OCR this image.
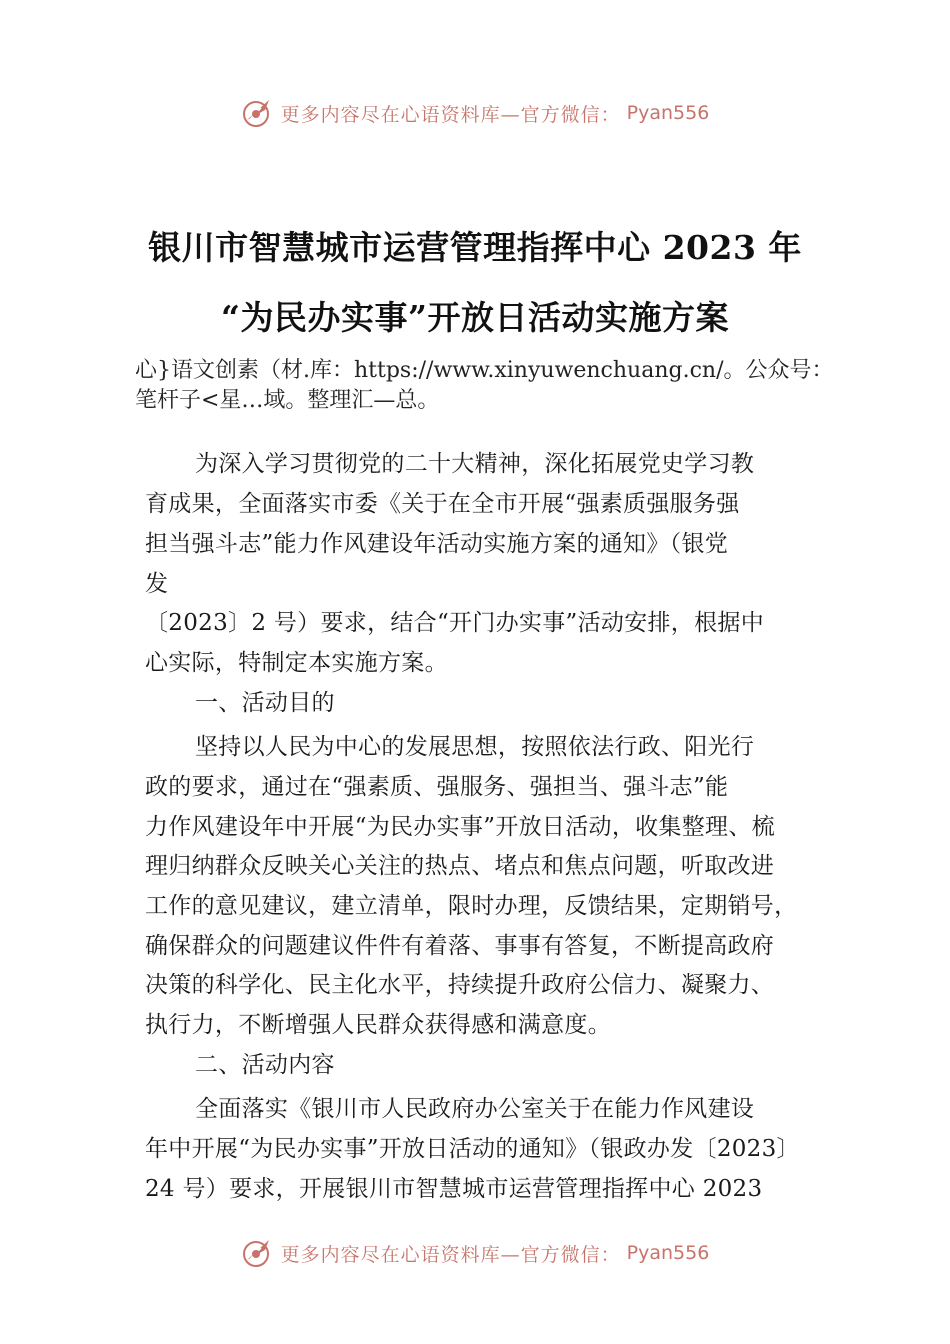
更多内容尽在心语资料库—官方微信： Pyan556
银川市智慧城市运营管理指挥中心 2023 年
“为民办实事”开放日活动实施方案
心}语文创素（材.库：https://www.xinyuwenchuang.cn/。公众号：笔杆子<星…域。整理汇—总。
为深入学习贯彻党的二十大精神，深化拓展党史学习教
育成果，全面落实市委《关于在全市开展“强素质强服务强
担当强斗志”能力作风建设年活动实施方案的通知》（银党
发
〔2023〕2 号）要求，结合“开门办实事”活动安排，根据中
心实际，特制定本实施方案。
一、活动目的
坚持以人民为中心的发展思想，按照依法行政、阳光行
政的要求，通过在“强素质、强服务、强担当、强斗志”能
力作风建设年中开展“为民办实事”开放日活动，收集整理、梳
理归纳群众反映关心关注的热点、堵点和焦点问题，听取改进
工作的意见建议，建立清单，限时办理，反馈结果，定期销号，
确保群众的问题建议件件有着落、事事有答复，不断提高政府
决策的科学化、民主化水平，持续提升政府公信力、凝聚力、
执行力，不断增强人民群众获得感和满意度。
二、活动内容
全面落实《银川市人民政府办公室关于在能力作风建设
年中开展“为民办实事”开放日活动的通知》（银政办发〔2023〕
24 号）要求，开展银川市智慧城市运营管理指挥中心 2023
更多内容尽在心语资料库—官方微信： Pyan556
